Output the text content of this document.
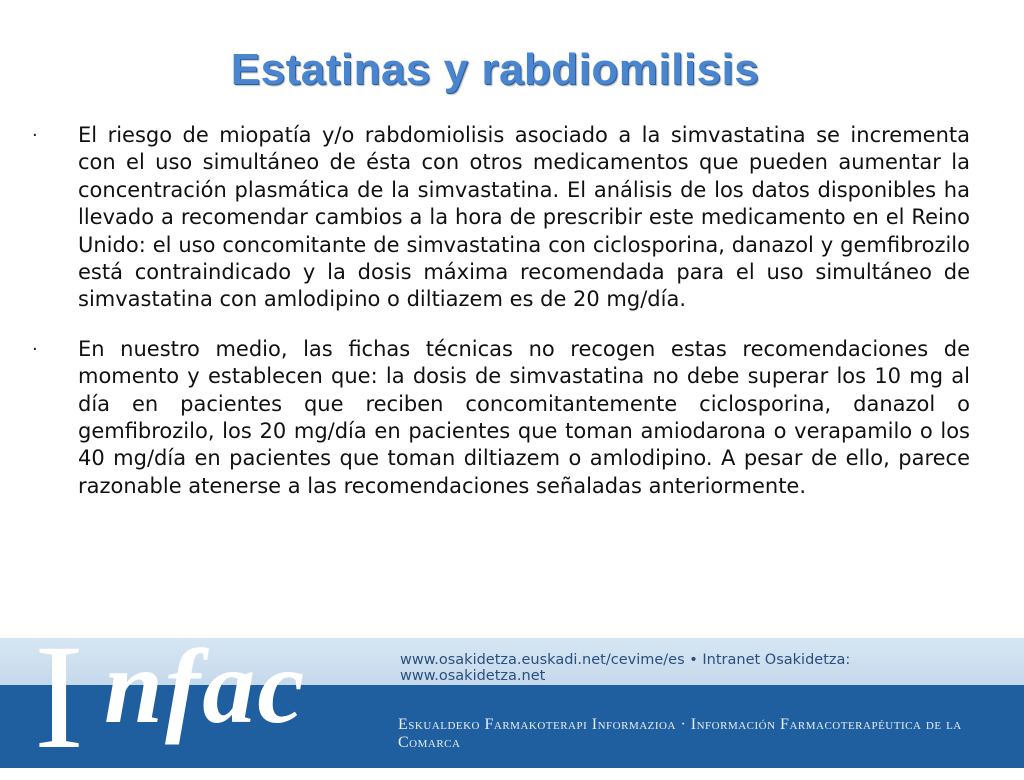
Estatinas y rabdiomilisis
· El riesgo de miopatía y/o rabdomiolisis asociado a la simvastatina se incrementa con el uso simultáneo de ésta con otros medicamentos que pueden aumentar la concentración plasmática de la simvastatina. El análisis de los datos disponibles ha llevado a recomendar cambios a la hora de prescribir este medicamento en el Reino Unido: el uso concomitante de simvastatina con ciclosporina, danazol y gemfibrozilo está contraindicado y la dosis máxima recomendada para el uso simultáneo de simvastatina con amlodipino o diltiazem es de 20 mg/día.
· En nuestro medio, las fichas técnicas no recogen estas recomendaciones de momento y establecen que: la dosis de simvastatina no debe superar los 10 mg al día en pacientes que reciben concomitantemente ciclosporina, danazol o gemfibrozilo, los 20 mg/día en pacientes que toman amiodarona o verapamilo o los 40 mg/día en pacientes que toman diltiazem o amlodipino. A pesar de ello, parece razonable atenerse a las recomendaciones señaladas anteriormente.
www.osakidetza.euskadi.net/cevime/es • Intranet Osakidetza: www.osakidetza.net
Eskualdeko Farmakoterapi Informazioa · Información Farmacoterapéutica de la Comarca
I nfac
